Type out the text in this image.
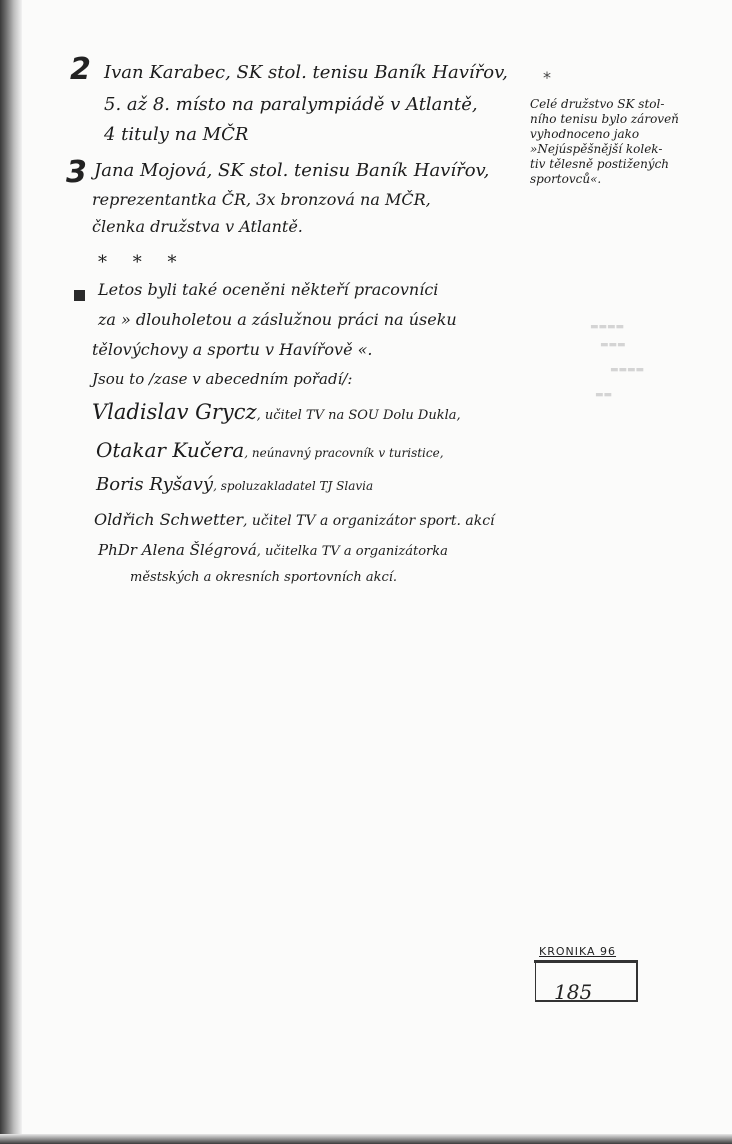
▬▬▬▬
▬▬▬
▬▬▬▬
▬▬
2 Ivan Karabec, SK stol. tenisu Baník Havířov,
5. až 8. místo na paralympiádě v Atlantě,
4 tituly na MČR
3 Jana Mojová, SK stol. tenisu Baník Havířov,
reprezentantka ČR, 3x bronzová na MČR,
členka družstva v Atlantě.
* * *
*
Celé družstvo SK stol-
ního tenisu bylo zároveň
vyhodnoceno jako
»Nejúspěšnější kolek-
tiv tělesně postižených
sportovců«.
Letos byli také oceněni někteří pracovníci
za » dlouholetou a záslužnou práci na úseku
tělovýchovy a sportu v Havířově «.
Jsou to /zase v abecedním pořadí/:
Vladislav Grycz, učitel TV na SOU Dolu Dukla,
Otakar Kučera, neúnavný pracovník v turistice,
Boris Ryšavý, spoluzakladatel TJ Slavia
Oldřich Schwetter, učitel TV a organizátor sport. akcí
PhDr Alena Šlégrová, učitelka TV a organizátorka
městských a okresních sportovních akcí.
KRONIKA 96
185
